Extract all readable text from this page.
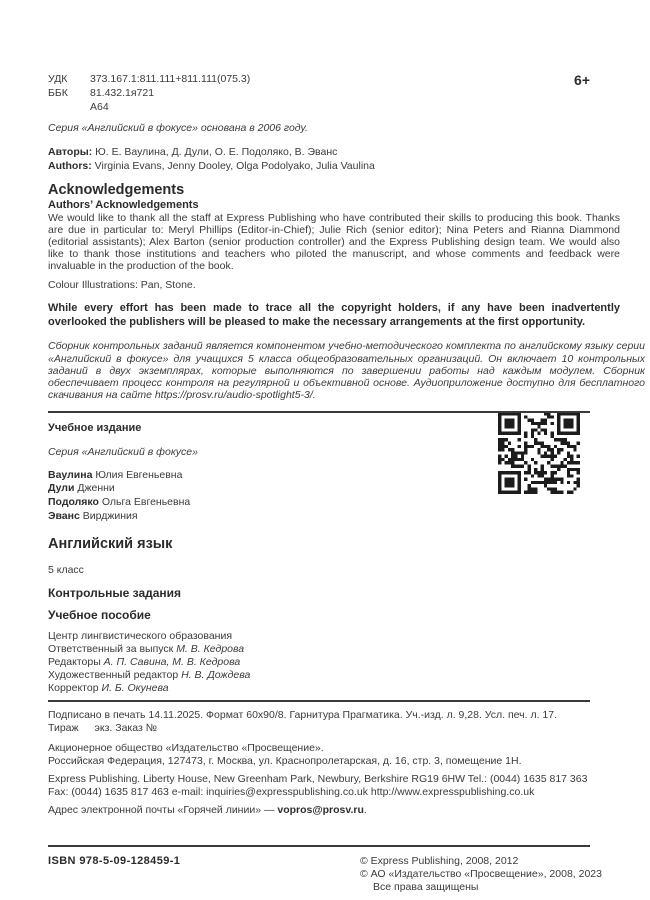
6+
УДК	373.167.1:811.111+811.111(075.3)
ББК	81.432.1я721
А64
Серия «Английский в фокусе» основана в 2006 году.
Авторы: Ю. Е. Ваулина, Д. Дули, О. Е. Подоляко, В. Эванс
Authors: Virginia Evans, Jenny Dooley, Olga Podolyako, Julia Vaulina
Acknowledgements
Authors’ Acknowledgements
We would like to thank all the staff at Express Publishing who have contributed their skills to producing this book. Thanks are due in particular to: Meryl Phillips (Editor-in-Chief); Julie Rich (senior editor); Nina Peters and Rianna Diammond (editorial assistants); Alex Barton (senior production controller) and the Express Publishing design team. We would also like to thank those institutions and teachers who piloted the manuscript, and whose comments and feedback were invaluable in the production of the book.
Colour Illustrations: Pan, Stone.
While every effort has been made to trace all the copyright holders, if any have been inadvertently overlooked the publishers will be pleased to make the necessary arrangements at the first opportunity.
Сборник контрольных заданий является компонентом учебно-методического комплекта по английскому языку серии «Английский в фокусе» для учащихся 5 класса общеобразовательных организаций. Он включает 10 контрольных заданий в двух экземплярах, которые выполняются по завершении работы над каждым модулем. Сборник обеспечивает процесс контроля на регулярной и объективной основе. Аудиоприложение доступно для бесплатного скачивания на сайте https://prosv.ru/audio-spotlight5-3/.
Учебное издание
Серия «Английский в фокусе»
Ваулина Юлия Евгеньевна
Дули Дженни
Подоляко Ольга Евгеньевна
Эванс Вирджиния
Английский язык
5 класс
Контрольные задания
Учебное пособие
Центр лингвистического образования
Ответственный за выпуск М. В. Кедрова
Редакторы А. П. Савина, М. В. Кедрова
Художественный редактор Н. В. Дождева
Корректор И. Б. Окунева
Подписано в печать 14.11.2025. Формат 60х90/8. Гарнитура Прагматика. Уч.-изд. л. 9,28. Усл. печ. л. 17.
Тираж экз. Заказ №
Акционерное общество «Издательство «Просвещение».
Российская Федерация, 127473, г. Москва, ул. Краснопролетарская, д. 16, стр. 3, помещение 1Н.
Express Publishing. Liberty House, New Greenham Park, Newbury, Berkshire RG19 6HW Tel.: (0044) 1635 817 363
Fax: (0044) 1635 817 463 e-mail: inquiries@expresspublishing.co.uk http://www.expresspublishing.co.uk
Адрес электронной почты «Горячей линии» — vopros@prosv.ru.
ISBN 978-5-09-128459-1	© Express Publishing, 2008, 2012
© АО «Издательство «Просвещение», 2008, 2023
Все права защищены
